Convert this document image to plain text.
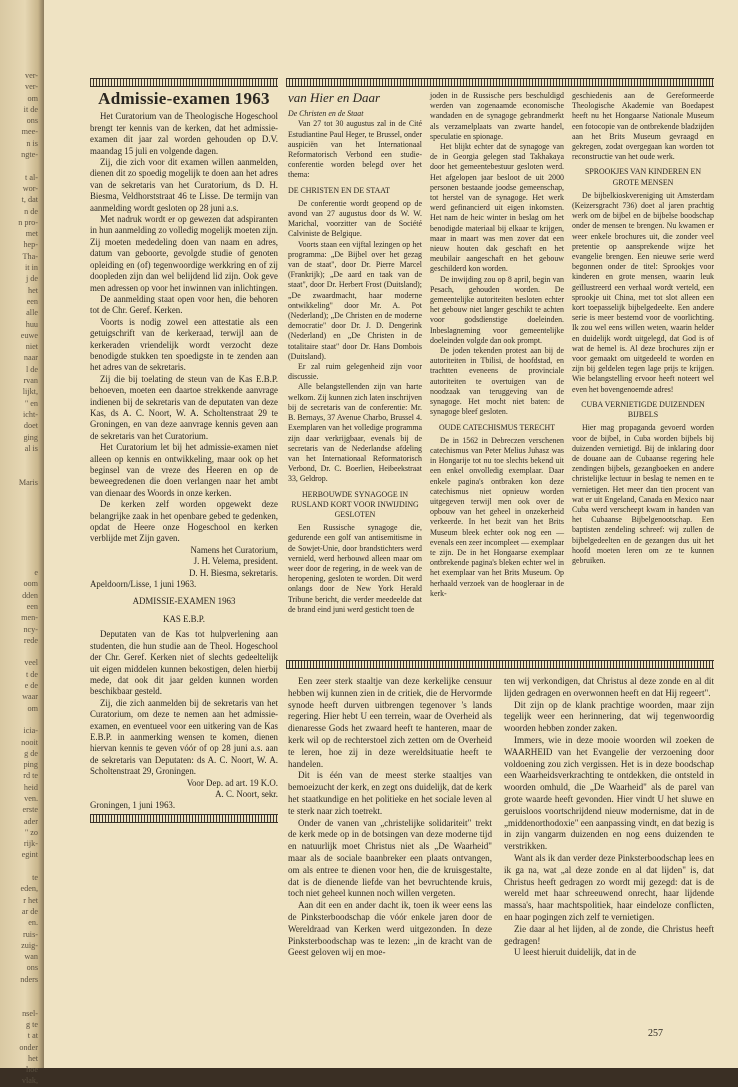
ver-
ver-
om
it de
ons
mee-
n is
ngte-
t al-
wor-
t, dat
n de
n pro-
met
hep-
Tha-
it in
j de
het
een
alle
huu
euwe
niet
naar
l de
rvan
lijkt,
" en
icht-
doet
ging
al is
Maris
e
oom
dden
een
men-
ncy-
rede
veel
t de
e de
waar
om
icia-
nooit
g de
ping
rd te
heid
ven.
erste
ader
" zo
rijk-
egint
te
eden,
r het
ar de
en.
ruis-
zuig-
wan
ons
nders
nsel-
g te
t at
onder
het
hoe
vlak,
Admissie-examen 1963

Het Curatorium van de Theologische Hogeschool brengt ter kennis van de kerken, dat het admissie-examen dit jaar zal worden gehouden op D.V. maandag 15 juli en volgende dagen.

Zij, die zich voor dit examen willen aanmelden, dienen dit zo spoedig mogelijk te doen aan het adres van de sekretaris van het Curatorium, ds D. H. Biesma, Veldhorststraat 46 te Lisse. De termijn van aanmelding wordt gesloten op 28 juni a.s.

Met nadruk wordt er op gewezen dat adspiranten in hun aanmelding zo volledig mogelijk moeten zijn. Zij moeten mededeling doen van naam en adres, datum van geboorte, gevolgde studie of genoten opleiding en (of) tegenwoordige werkkring en of zij doopleden zijn dan wel belijdend lid zijn. Ook geve men adressen op voor het inwinnen van inlichtingen.

De aanmelding staat open voor hen, die behoren tot de Chr. Geref. Kerken.

Voorts is nodig zowel een attestatie als een getuigschrift van de kerkeraad, terwijl aan de kerkeraden vriendelijk wordt verzocht deze benodigde stukken ten spoedigste in te zenden aan het adres van de sekretaris.

Zij die bij toelating de steun van de Kas E.B.P. behoeven, moeten een daartoe strekkende aanvrage indienen bij de sekretaris van de deputaten van deze Kas, ds A. C. Noort, W. A. Scholtenstraat 29 te Groningen, en van deze aanvrage kennis geven aan de sekretaris van het Curatorium.

Het Curatorium let bij het admissie-examen niet alleen op kennis en ontwikkeling, maar ook op het beginsel van de vreze des Heeren en op de beweegredenen die doen verlangen naar het ambt van dienaar des Woords in onze kerken.

De kerken zelf worden opgewekt deze belangrijke zaak in het openbare gebed te gedenken, opdat de Heere onze Hogeschool en kerken verblijde met Zijn gaven.

Namens het Curatorium,
J. H. Velema, president.
D. H. Biesma, sekretaris.
Apeldoorn/Lisse, 1 juni 1963.
ADMISSIE-EXAMEN 1963
KAS E.B.P.

Deputaten van de Kas tot hulpverlening aan studenten, die hun studie aan de Theol. Hogeschool der Chr. Geref. Kerken niet of slechts gedeeltelijk uit eigen middelen kunnen bekostigen, delen hierbij mede, dat ook dit jaar gelden kunnen worden beschikbaar gesteld.

Zij, die zich aanmelden bij de sekretaris van het Curatorium, om deze te nemen aan het admissie-examen, en eventueel voor een uitkering van de Kas E.B.P. in aanmerking wensen te komen, dienen hiervan kennis te geven vóór of op 28 juni a.s. aan de sekretaris van Deputaten: ds A. C. Noort, W. A. Scholtenstraat 29, Groningen.

Voor Dep. ad art. 19 K.O.
A. C. Noort, sekr.
Groningen, 1 juni 1963.
van Hier en Daar
De Christen en de Staat

Van 27 tot 30 augustus zal in de Cité Estudiantine Paul Heger, te Brussel, onder auspiciën van het Internationaal Reformatorisch Verbond een studie-conferentie worden belegd over het thema:

DE CHRISTEN EN DE STAAT

De conferentie wordt geopend op de avond van 27 augustus door ds W. W. Marichal, voorzitter van de Société Calviniste de Belgique.

Voorts staan een vijftal lezingen op het programma: „De Bijbel over het gezag van de staat", door Dr. Pierre Marcel (Frankrijk); „De aard en taak van de staat", door Dr. Herbert Frost (Duitsland); „De zwaardmacht, haar moderne ontwikkeling" door Mr. A. Pot (Nederland); „De Christen en de moderne democratie" door Dr. J. D. Dengerink (Nederland) en „De Christen in de totalitaire staat" door Dr. Hans Dombois (Duitsland).

Er zal ruim gelegenheid zijn voor discussie.

Alle belangstellenden zijn van harte welkom. Zij kunnen zich laten inschrijven bij de secretaris van de conferentie: Mr. B. Bernays, 37 Avenue Charbo, Brussel 4. Exemplaren van het volledige programma zijn daar verkrijgbaar, evenals bij de secretaris van de Nederlandse afdeling van het Internationaal Reformatorisch Verbond, Dr. C. Boerlien, Heibeekstraat 33, Geldrop.

HERBOUWDE SYNAGOGE IN RUSLAND KORT VOOR INWIJDING GESLOTEN

Een Russische synagoge die, gedurende een golf van antisemitisme in de Sowjet-Unie, door brandstichters werd vernield, werd herbouwd alleen maar om weer door de regering, in de week van de heropening, gesloten te worden. Dit werd onlangs door de New York Herald Tribune bericht, die verder meedeelde dat de brand eind juni werd gesticht toen de

joden in de Russische pers beschuldigd werden van zogenaamde economische wandaden en de synagoge gebrandmerkt als verzamelplaats van zwarte handel, speculatie en spionage.

Het blijkt echter dat de synagoge van de in Georgia gelegen stad Takhakaya door het gemeentebestuur gesloten werd. Het afgelopen jaar besloot de uit 2000 personen bestaande joodse gemeenschap, tot herstel van de synagoge. Het werk werd gefinancierd uit eigen inkomsten. Het nam de heic winter in beslag om het benodigde materiaal bij elkaar te krijgen, maar in maart was men zover dat een nieuw houten dak geschaft en het meubilair aangeschaft en het gebouw geschilderd kon worden.

De inwijding zou op 8 april, begin van Pesach, gehouden worden. De gemeentelijke autoriteiten besloten echter het gebouw niet langer geschikt te achten voor godsdienstige doeleinden. Inbeslagneming voor gemeentelijke doeleinden volgde dan ook prompt.

De joden tekenden protest aan bij de autoriteiten in Tbilisi, de hoofdstad, en trachtten eveneens de provinciale autoriteiten te overtuigen van de noodzaak van teruggeving van de synagoge. Het mocht niet baten: de synagoge bleef gesloten.

OUDE CATECHISMUS TERECHT

De in 1562 in Debreczen verschenen catechismus van Peter Melius Juhasz was in Hongarije tot nu toe slechts bekend uit een enkel onvolledig exemplaar. Daar enkele pagina's ontbraken kon deze catechismus niet opnieuw worden uitgegeven terwijl men ook over de opbouw van het geheel in onzekerheid verkeerde. In het bezit van het Brits Museum bleek echter ook nog een — evenals een zeer incompleet — exemplaar te zijn. De in het Hongaarse exemplaar ontbrekende pagina's bleken echter wel in het exemplaar van het Brits Museum. Op herhaald verzoek van de hoogleraar in de kerk-

geschiedenis aan de Gereformeerde Theologische Akademie van Boedapest heeft nu het Hongaarse Nationale Museum een fotocopie van de ontbrekende bladzijden aan het Brits Museum gevraagd en gekregen, zodat overgegaan kan worden tot reconstructie van het oude werk.

SPROOKJES VAN KINDEREN EN GROTE MENSEN

De bijbelkioskvereniging uit Amsterdam (Keizersgracht 736) doet al jaren prachtig werk om de bijbel en de bijbelse boodschap onder de mensen te brengen. Nu kwamen er weer enkele brochures uit, die zonder veel pretentie op aansprekende wijze het evangelie brengen. Een nieuwe serie werd begonnen onder de titel: Sprookjes voor kinderen en grote mensen, waarin leuk geïllustreerd een verhaal wordt verteld, een sprookje uit China, met tot slot alleen een kort toepasselijk bijbelgedeelte. Een andere serie is meer bestemd voor de voorlichting. Ik zou wel eens willen weten, waarin helder en duidelijk wordt uitgelegd, dat God is of wat de hemel is. Al deze brochures zijn er voor gemaakt om uitgedeeld te worden en zijn bij geldelen tegen lage prijs te krijgen. Wie belangstelling ervoor heeft noteert wel even het bovengenoemde adres!

CUBA VERNIETIGDE DUIZENDEN BIJBELS

Hier mag propaganda gevoerd worden voor de bijbel, in Cuba worden bijbels bij duizenden vernietigd. Bij de inklaring door de douane aan de Cubaanse regering hele zendingen bijbels, gezangboeken en andere christelijke lectuur in beslag te nemen en te vernietigen. Het meer dan tien procent van wat er uit Engeland, Canada en Mexico naar Cuba werd verscheept kwam in handen van het Cubaanse Bijbelgenootschap. Een baptisten zendeling schreef: wij zullen de bijbelgedeelten en de gezangen dus uit het hoofd moeten leren om ze te kunnen gebruiken.

Een zeer sterk staaltje van deze kerkelijke censuur hebben wij kunnen zien in de critiek, die de Hervormde synode heeft durven uitbrengen tegenover 's lands regering. Hier hebt U een terrein, waar de Overheid als dienaresse Gods het zwaard heeft te hanteren, maar de kerk wil op de rechterstoel zich zetten om de Overheid te leren, hoe zij in deze wereldsituatie heeft te handelen.

Dit is één van de meest sterke staaltjes van bemoeizucht der kerk, en zegt ons duidelijk, dat de kerk het staatkundige en het politieke en het sociale leven al te sterk naar zich toetrekt.

Onder de vanen van „christelijke solidariteit" trekt de kerk mede op in de botsingen van deze moderne tijd en natuurlijk moet Christus niet als „De Waarheid" maar als de sociale baanbreker een plaats ontvangen, om als entree te dienen voor hen, die de kruisgestalte, dat is de dienende liefde van het bevruchtende kruis, toch niet geheel kunnen noch willen vergeten.

Aan dit een en ander dacht ik, toen ik weer eens las de Pinksterboodschap die vóór enkele jaren door de Wereldraad van Kerken werd uitgezonden. In deze Pinksterboodschap was te lezen: „in de kracht van de Geest geloven wij en moe-

ten wij verkondigen, dat Christus al deze zonde en al dit lijden gedragen en overwonnen heeft en dat Hij regeert".

Dit zijn op de klank prachtige woorden, maar zijn tegelijk weer een herinnering, dat wij tegenwoordig woorden hebben zonder zaken.

Immers, wie in deze mooie woorden wil zoeken de WAARHEID van het Evangelie der verzoening door voldoening zou zich vergissen. Het is in deze boodschap een Waarheidsverkrachting te ontdekken, die ontsteld in woorden omhuld, die „De Waarheid" als de parel van grote waarde heeft gevonden. Hier vindt U het sluwe en geruisloos voortschrijdend nieuw modernisme, dat in de „middenorthodoxie" een aanpassing vindt, en dat bezig is in zijn vangarm duizenden en nog eens duizenden te verstrikken.

Want als ik dan verder deze Pinksterboodschap lees en ik ga na, wat „al deze zonde en al dat lijden" is, dat Christus heeft gedragen zo wordt mij gezegd: dat is de wereld met haar schreeuwend onrecht, haar lijdende massa's, haar machtspolitiek, haar eindeloze conflicten, en haar pogingen zich zelf te vernietigen.

Zie daar al het lijden, al de zonde, die Christus heeft gedragen!

U leest hieruit duidelijk, dat in de

257
